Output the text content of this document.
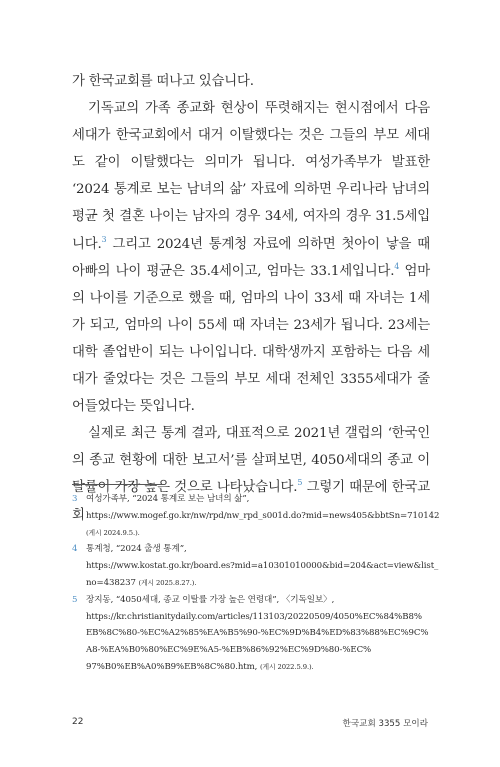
가 한국교회를 떠나고 있습니다.

기독교의 가족 종교화 현상이 뚜렷해지는 현시점에서 다음 세대가 한국교회에서 대거 이탈했다는 것은 그들의 부모 세대도 같이 이탈했다는 의미가 됩니다. 여성가족부가 발표한 ‘2024 통계로 보는 남녀의 삶’ 자료에 의하면 우리나라 남녀의 평균 첫 결혼 나이는 남자의 경우 34세, 여자의 경우 31.5세입니다.$^3$ 그리고 2024년 통계청 자료에 의하면 첫아이 낳을 때 아빠의 나이 평균은 35.4세이고, 엄마는 33.1세입니다.$^4$ 엄마의 나이를 기준으로 했을 때, 엄마의 나이 33세 때 자녀는 1세가 되고, 엄마의 나이 55세 때 자녀는 23세가 됩니다. 23세는 대학 졸업반이 되는 나이입니다. 대학생까지 포함하는 다음 세대가 줄었다는 것은 그들의 부모 세대 전체인 3355세대가 줄어들었다는 뜻입니다.

실제로 최근 통계 결과, 대표적으로 2021년 갤럽의 ‘한국인의 종교 현황에 대한 보고서’를 살펴보면, 4050세대의 종교 이탈률이 가장 높은 것으로 나타났습니다.$^5$ 그렇기 때문에 한국교회

3 여성가족부, “2024 통계로 보는 남녀의 삶”,
https://www.mogef.go.kr/nw/rpd/nw_rpd_s001d.do?mid=news405&bbtSn=710142
(게시 2024.9.5.).
4 통계청, “2024 출생 통계”,
https://www.kostat.go.kr/board.es?mid=a10301010000&bid=204&act=view&list_
no=438237 (게시 2025.8.27.).
5 장지동, “4050세대, 종교 이탈률 가장 높은 연령대”, 〈기독일보〉,
https://kr.christianitydaily.com/articles/113103/20220509/4050%EC%84%B8%
EB%8C%80-%EC%A2%85%EA%B5%90-%EC%9D%B4%ED%83%88%EC%9C%
A8-%EA%B0%80%EC%9E%A5-%EB%86%92%EC%9D%80-%EC%
97%B0%EB%A0%B9%EB%8C%80.htm, (게시 2022.5.9.).
22	한국교회 3355 모이라
